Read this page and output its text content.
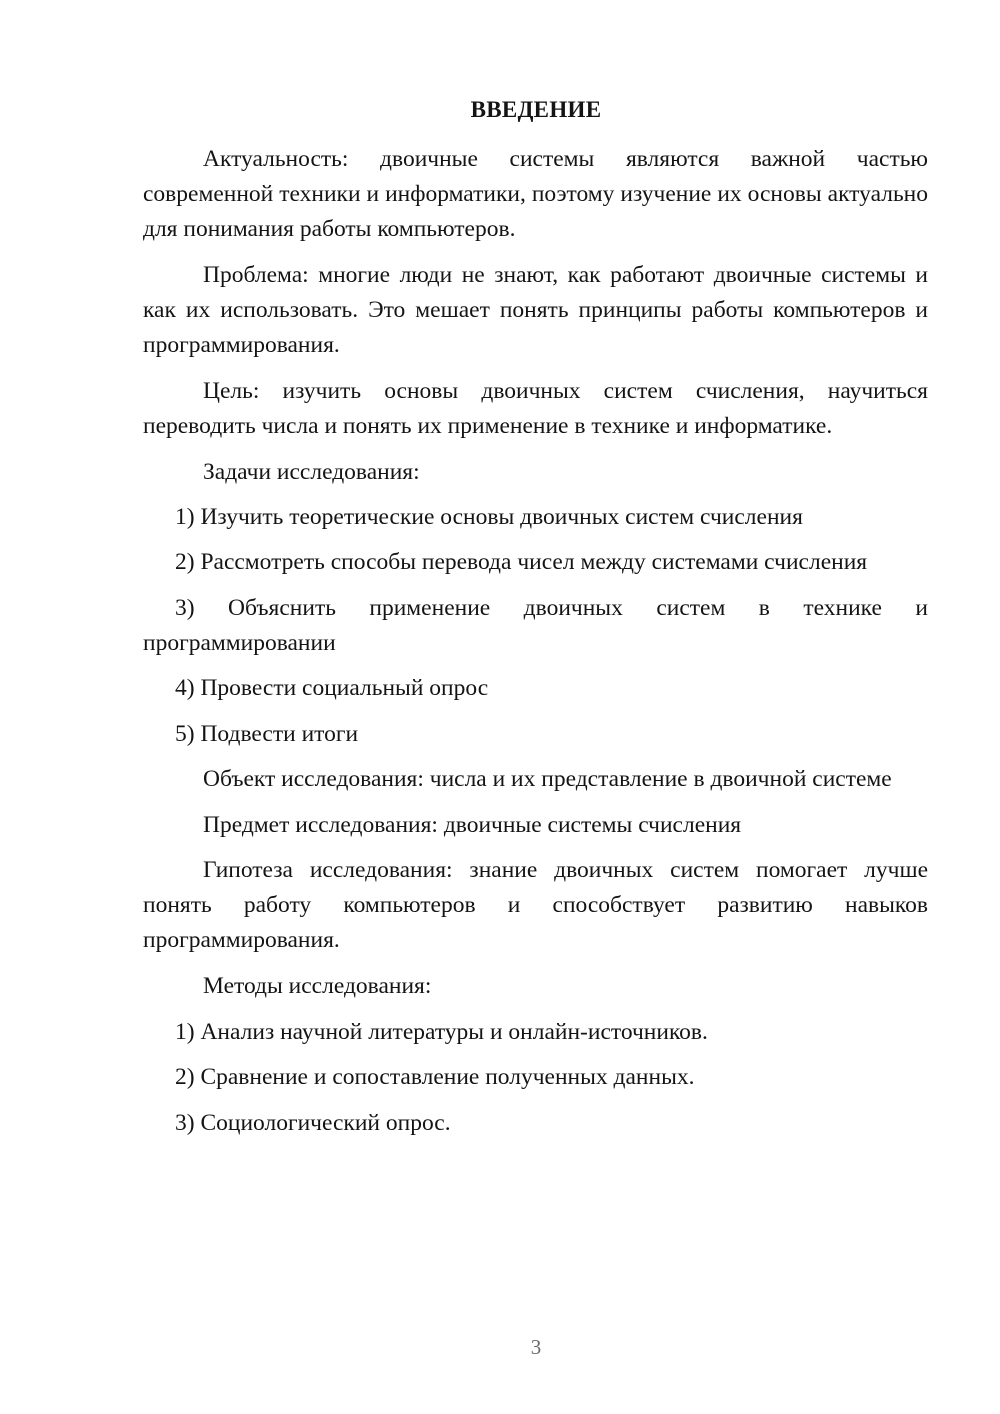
ВВЕДЕНИЕ

Актуальность: двоичные системы являются важной частью современной техники и информатики, поэтому изучение их основы актуально для понимания работы компьютеров.

Проблема: многие люди не знают, как работают двоичные системы и как их использовать. Это мешает понять принципы работы компьютеров и программирования.

Цель: изучить основы двоичных систем счисления, научиться переводить числа и понять их применение в технике и информатике.

Задачи исследования:

1) Изучить теоретические основы двоичных систем счисления

2) Рассмотреть способы перевода чисел между системами счисления

3) Объяснить применение двоичных систем в технике и программировании

4) Провести социальный опрос

5) Подвести итоги

Объект исследования: числа и их представление в двоичной системе

Предмет исследования: двоичные системы счисления

Гипотеза исследования: знание двоичных систем помогает лучше понять работу компьютеров и способствует развитию навыков программирования.

Методы исследования:

1) Анализ научной литературы и онлайн-источников.

2) Сравнение и сопоставление полученных данных.

3) Социологический опрос.

3
